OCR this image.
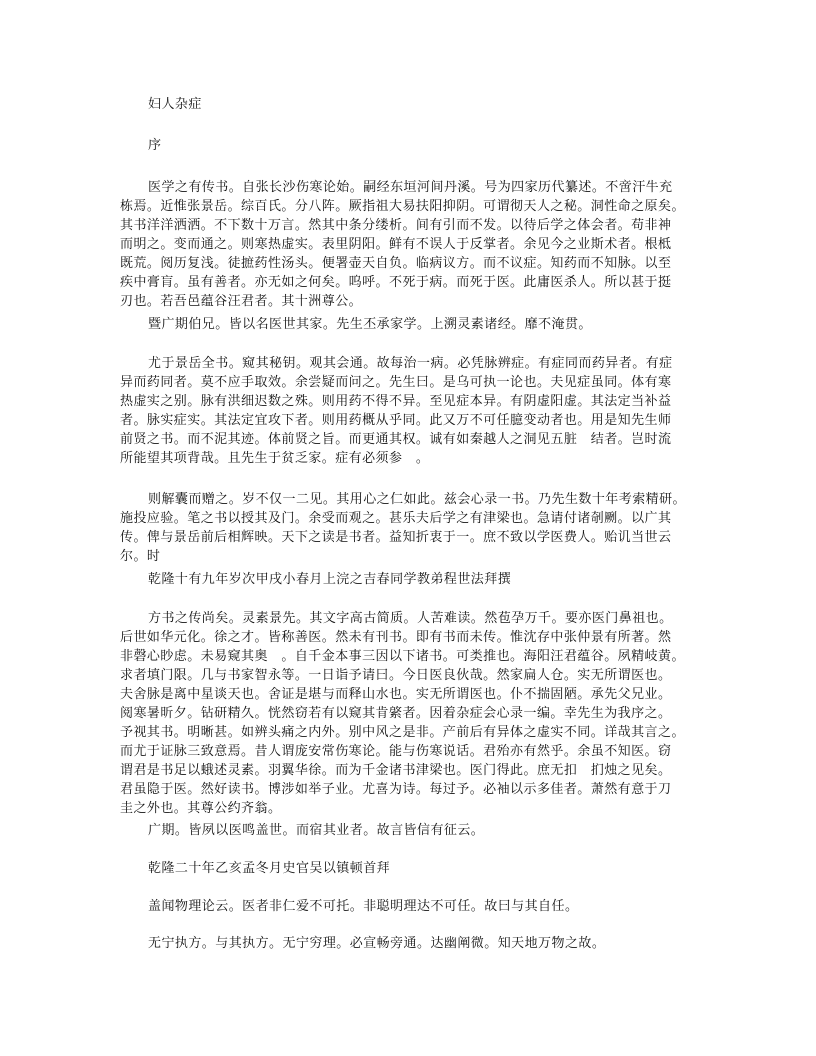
妇人杂症
序
医学之有传书。自张长沙伤寒论始。嗣经东垣河间丹溪。号为四家历代纂述。不啻汗牛充
栋焉。近惟张景岳。综百氏。分八阵。厥指祖大易扶阳抑阴。可谓彻天人之秘。洞性命之原矣。
其书洋洋洒洒。不下数十万言。然其中条分缕析。间有引而不发。以待后学之体会者。苟非神
而明之。变而通之。则寒热虚实。表里阴阳。鲜有不误人于反掌者。余见今之业斯术者。根柢
既荒。阅历复浅。徒摭药性汤头。便署壶天自负。临病议方。而不议症。知药而不知脉。以至
疾中膏肓。虽有善者。亦无如之何矣。呜呼。不死于病。而死于医。此庸医杀人。所以甚于挺
刃也。若吾邑蕴谷汪君者。其十洲尊公。
暨广期伯兄。皆以名医世其家。先生丕承家学。上溯灵素诸经。靡不淹贯。
尤于景岳全书。窥其秘钥。观其会通。故每治一病。必凭脉辨症。有症同而药异者。有症
异而药同者。莫不应手取效。余尝疑而问之。先生曰。是乌可执一论也。夫见症虽同。体有寒
热虚实之别。脉有洪细迟数之殊。则用药不得不异。至见症本异。有阴虚阳虚。其法定当补益
者。脉实症实。其法定宜攻下者。则用药概从乎同。此又万不可任臆变动者也。用是知先生师
前贤之书。而不泥其迹。体前贤之旨。而更通其权。诚有如秦越人之洞见五脏　结者。岂时流
所能望其项背哉。且先生于贫乏家。症有必须参　。
则解囊而赠之。岁不仅一二见。其用心之仁如此。兹会心录一书。乃先生数十年考索精研。
施投应验。笔之书以授其及门。余受而观之。甚乐夫后学之有津梁也。急请付诸剞劂。以广其
传。俾与景岳前后相辉映。天下之读是书者。益知折衷于一。庶不致以学医费人。贻讥当世云
尔。时
乾隆十有九年岁次甲戌小春月上浣之吉春同学教弟程世法拜撰
方书之传尚矣。灵素景先。其文字高古简质。人苦难读。然苞孕万千。要亦医门鼻祖也。
后世如华元化。徐之才。皆称善医。然未有刊书。即有书而未传。惟沈存中张仲景有所著。然
非磬心眇虑。未易窥其奥　。自千金本事三因以下诸书。可类推也。海阳汪君蕴谷。夙精岐黄。
求者填门限。几与书家智永等。一日诣予请曰。今日医良伙哉。然家扁人仓。实无所谓医也。
夫舍脉是离中星谈天也。舍证是堪与而释山水也。实无所谓医也。仆不揣固陋。承先父兄业。
阅寒暑昕夕。钻研精久。恍然窃若有以窥其肯綮者。因着杂症会心录一编。幸先生为我序之。
予视其书。明晰甚。如辨头痛之内外。别中风之是非。产前后有异体之虚实不同。详哉其言之。
而尤于证脉三致意焉。昔人谓庞安常伤寒论。能与伤寒说话。君殆亦有然乎。余虽不知医。窃
谓君是书足以蛾述灵素。羽翼华徐。而为千金诸书津梁也。医门得此。庶无扣　扪烛之见矣。
君虽隐于医。然好读书。博涉如举子业。尤喜为诗。每过予。必袖以示多佳者。萧然有意于刀
圭之外也。其尊公约齐翁。
广期。皆夙以医鸣盖世。而宿其业者。故言皆信有征云。
乾隆二十年乙亥孟冬月史官吴以镇顿首拜
盖闻物理论云。医者非仁爱不可托。非聪明理达不可任。故曰与其自任。
无宁执方。与其执方。无宁穷理。必宣畅旁通。达幽阐微。知天地万物之故。
